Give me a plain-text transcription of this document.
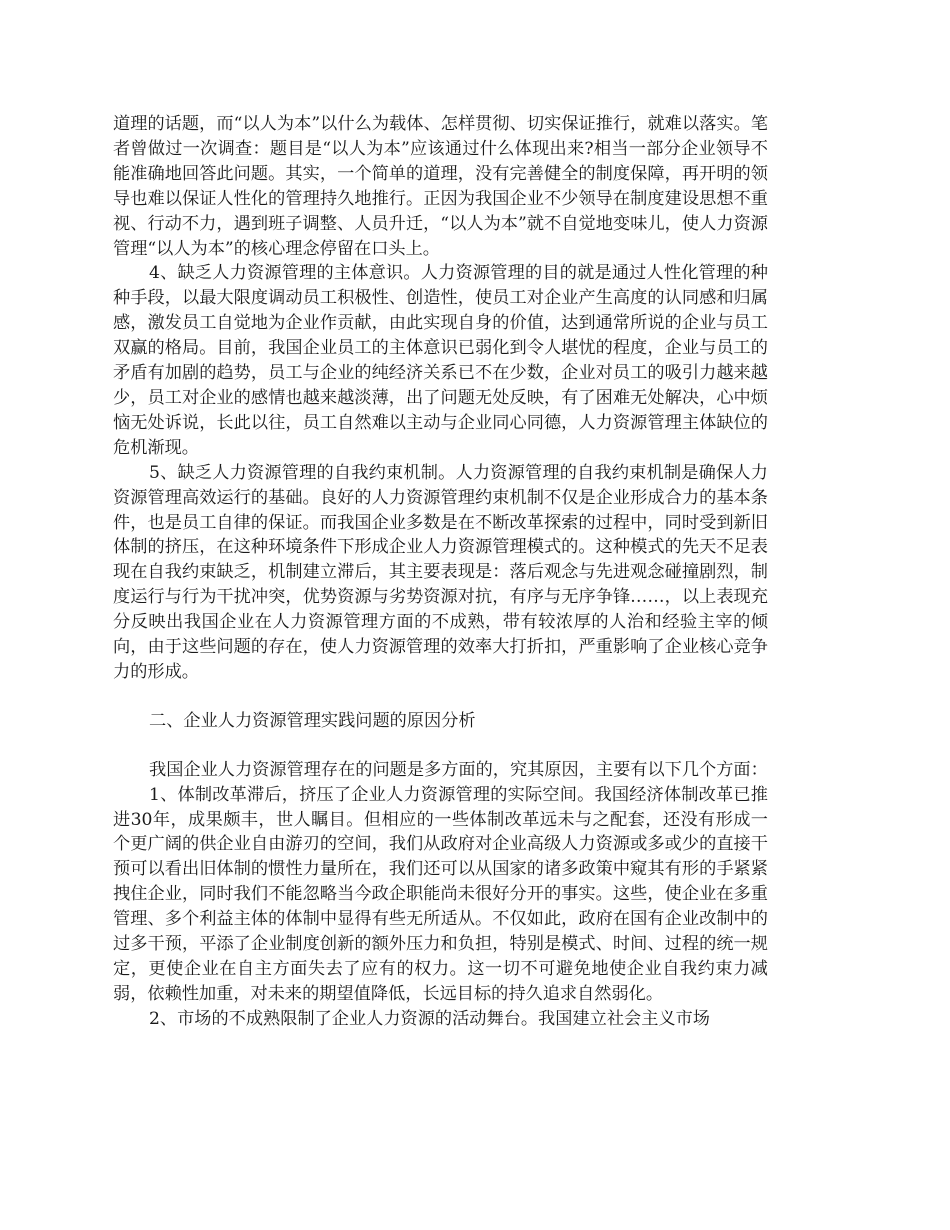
道理的话题，而“以人为本”以什么为载体、怎样贯彻、切实保证推行，就难以落实。笔者曾做过一次调查：题目是“以人为本”应该通过什么体现出来?相当一部分企业领导不能准确地回答此问题。其实，一个简单的道理，没有完善健全的制度保障，再开明的领导也难以保证人性化的管理持久地推行。正因为我国企业不少领导在制度建设思想不重视、行动不力，遇到班子调整、人员升迁，“以人为本”就不自觉地变味儿，使人力资源管理“以人为本”的核心理念停留在口头上。

4、缺乏人力资源管理的主体意识。人力资源管理的目的就是通过人性化管理的种种手段，以最大限度调动员工积极性、创造性，使员工对企业产生高度的认同感和归属感，激发员工自觉地为企业作贡献，由此实现自身的价值，达到通常所说的企业与员工双赢的格局。目前，我国企业员工的主体意识已弱化到令人堪忧的程度，企业与员工的矛盾有加剧的趋势，员工与企业的纯经济关系已不在少数，企业对员工的吸引力越来越少，员工对企业的感情也越来越淡薄，出了问题无处反映，有了困难无处解决，心中烦恼无处诉说，长此以往，员工自然难以主动与企业同心同德，人力资源管理主体缺位的危机渐现。

5、缺乏人力资源管理的自我约束机制。人力资源管理的自我约束机制是确保人力资源管理高效运行的基础。良好的人力资源管理约束机制不仅是企业形成合力的基本条件，也是员工自律的保证。而我国企业多数是在不断改革探索的过程中，同时受到新旧体制的挤压，在这种环境条件下形成企业人力资源管理模式的。这种模式的先天不足表现在自我约束缺乏，机制建立滞后，其主要表现是：落后观念与先进观念碰撞剧烈，制度运行与行为干扰冲突，优势资源与劣势资源对抗，有序与无序争锋……，以上表现充分反映出我国企业在人力资源管理方面的不成熟，带有较浓厚的人治和经验主宰的倾向，由于这些问题的存在，使人力资源管理的效率大打折扣，严重影响了企业核心竞争力的形成。

二、企业人力资源管理实践问题的原因分析

我国企业人力资源管理存在的问题是多方面的，究其原因，主要有以下几个方面：

1、体制改革滞后，挤压了企业人力资源管理的实际空间。我国经济体制改革已推进30年，成果颇丰，世人瞩目。但相应的一些体制改革远未与之配套，还没有形成一个更广阔的供企业自由游刃的空间，我们从政府对企业高级人力资源或多或少的直接干预可以看出旧体制的惯性力量所在，我们还可以从国家的诸多政策中窥其有形的手紧紧拽住企业，同时我们不能忽略当今政企职能尚未很好分开的事实。这些，使企业在多重管理、多个利益主体的体制中显得有些无所适从。不仅如此，政府在国有企业改制中的过多干预，平添了企业制度创新的额外压力和负担，特别是模式、时间、过程的统一规定，更使企业在自主方面失去了应有的权力。这一切不可避免地使企业自我约束力减弱，依赖性加重，对未来的期望值降低，长远目标的持久追求自然弱化。

2、市场的不成熟限制了企业人力资源的活动舞台。我国建立社会主义市场
